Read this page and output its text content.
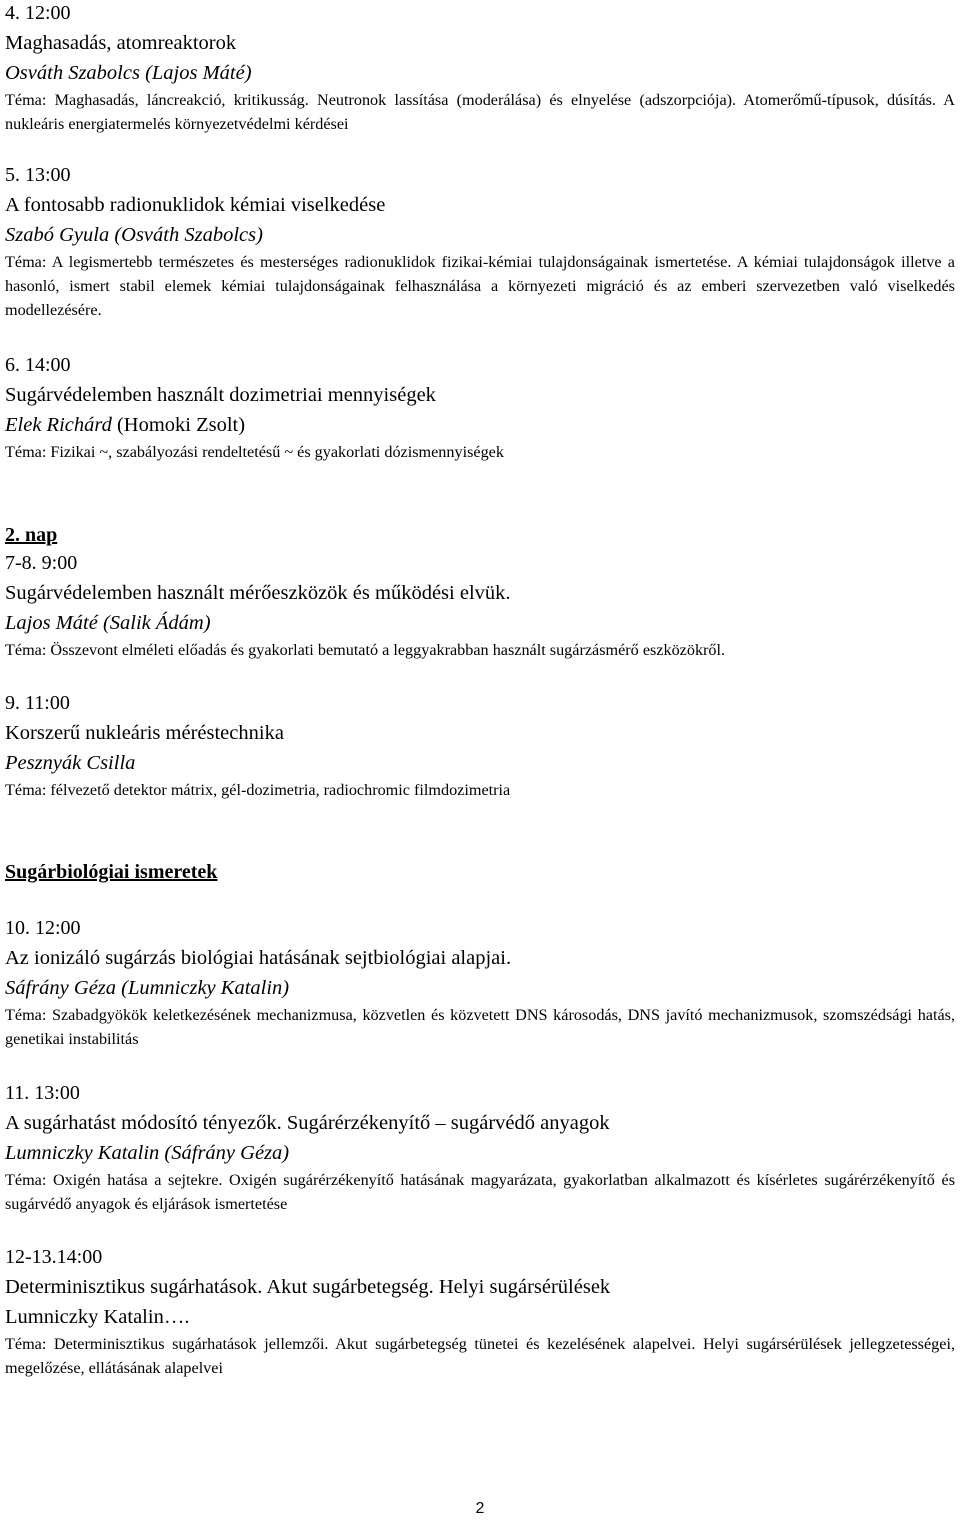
4. 12:00

Maghasadás, atomreaktorok

Osváth Szabolcs (Lajos Máté)

Téma: Maghasadás, láncreakció, kritikusság. Neutronok lassítása (moderálása) és elnyelése (adszorpciója). Atomerőmű-típusok, dúsítás. A nukleáris energiatermelés környezetvédelmi kérdései

5. 13:00

A fontosabb radionuklidok kémiai viselkedése

Szabó Gyula (Osváth Szabolcs)

Téma: A legismertebb természetes és mesterséges radionuklidok fizikai-kémiai tulajdonságainak ismertetése. A kémiai tulajdonságok illetve a hasonló, ismert stabil elemek kémiai tulajdonságainak felhasználása a környezeti migráció és az emberi szervezetben való viselkedés modellezésére.

6. 14:00

Sugárvédelemben használt dozimetriai mennyiségek

Elek Richárd (Homoki Zsolt)

Téma: Fizikai ~, szabályozási rendeltetésű ~ és gyakorlati dózismennyiségek

2. nap

7-8. 9:00

Sugárvédelemben használt mérőeszközök és működési elvük.

Lajos Máté (Salik Ádám)

Téma: Összevont elméleti előadás és gyakorlati bemutató a leggyakrabban használt sugárzásmérő eszközökről.

9. 11:00

Korszerű nukleáris méréstechnika

Pesznyák Csilla

Téma: félvezető detektor mátrix, gél-dozimetria, radiochromic filmdozimetria

Sugárbiológiai ismeretek

10. 12:00

Az ionizáló sugárzás biológiai hatásának sejtbiológiai alapjai.

Sáfrány Géza (Lumniczky Katalin)

Téma: Szabadgyökök keletkezésének mechanizmusa, közvetlen és közvetett DNS károsodás, DNS javító mechanizmusok, szomszédsági hatás, genetikai instabilitás

11. 13:00

A sugárhatást módosító tényezők. Sugárérzékenyítő – sugárvédő anyagok

Lumniczky Katalin (Sáfrány Géza)

Téma: Oxigén hatása a sejtekre. Oxigén sugárérzékenyítő hatásának magyarázata, gyakorlatban alkalmazott és kísérletes sugárérzékenyítő és sugárvédő anyagok és eljárások ismertetése

12-13.14:00

Determinisztikus sugárhatások. Akut sugárbetegség. Helyi sugársérülések

Lumniczky Katalin….

Téma: Determinisztikus sugárhatások jellemzői. Akut sugárbetegség tünetei és kezelésének alapelvei. Helyi sugársérülések jellegzetességei, megelőzése, ellátásának alapelvei

2
